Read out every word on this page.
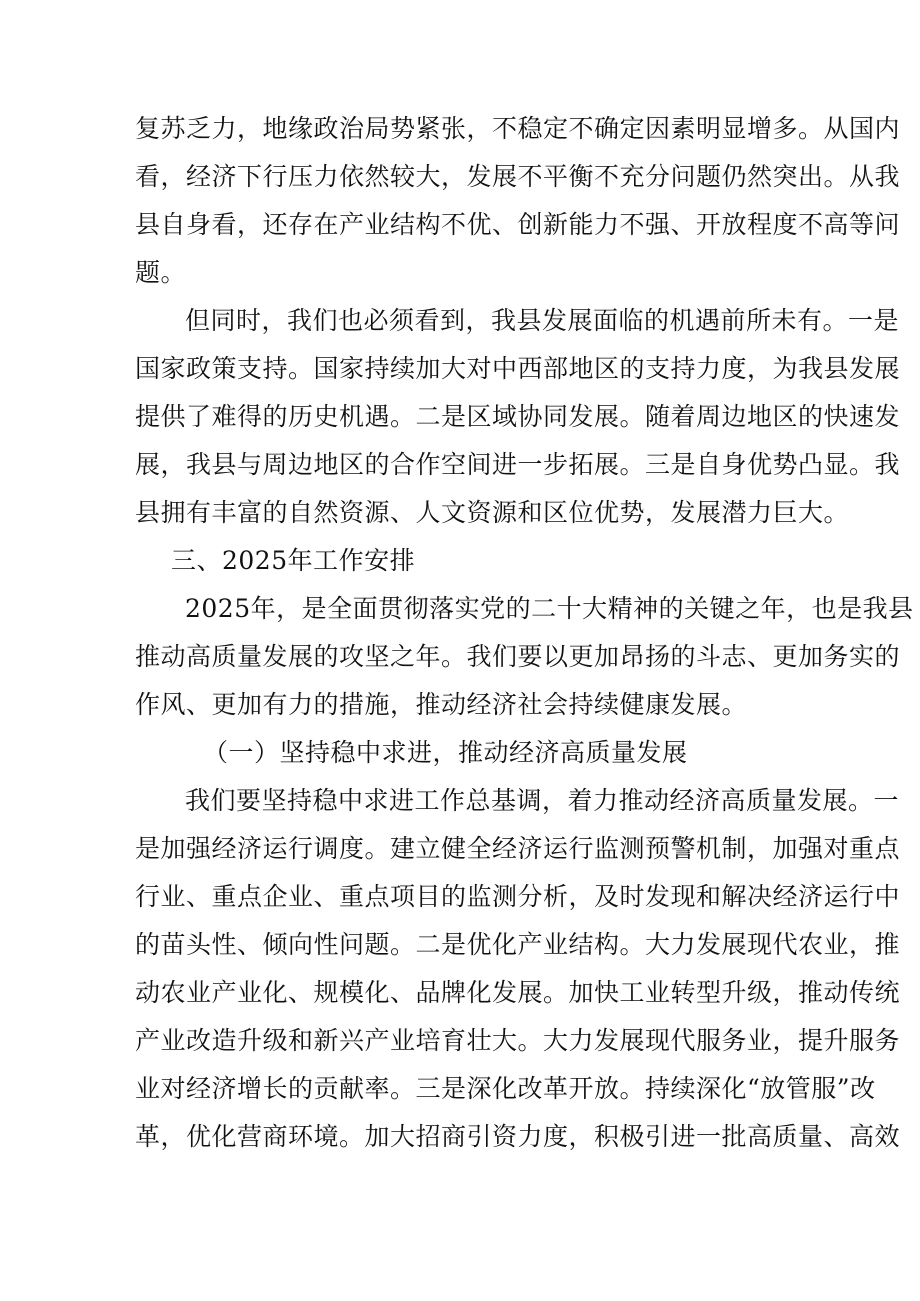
复苏乏力，地缘政治局势紧张，不稳定不确定因素明显增多。从国内
看，经济下行压力依然较大，发展不平衡不充分问题仍然突出。从我
县自身看，还存在产业结构不优、创新能力不强、开放程度不高等问
题。
但同时，我们也必须看到，我县发展面临的机遇前所未有。一是
国家政策支持。国家持续加大对中西部地区的支持力度，为我县发展
提供了难得的历史机遇。二是区域协同发展。随着周边地区的快速发
展，我县与周边地区的合作空间进一步拓展。三是自身优势凸显。我
县拥有丰富的自然资源、人文资源和区位优势，发展潜力巨大。
三、2025年工作安排
2025年，是全面贯彻落实党的二十大精神的关键之年，也是我县
推动高质量发展的攻坚之年。我们要以更加昂扬的斗志、更加务实的
作风、更加有力的措施，推动经济社会持续健康发展。
（一）坚持稳中求进，推动经济高质量发展
我们要坚持稳中求进工作总基调，着力推动经济高质量发展。一
是加强经济运行调度。建立健全经济运行监测预警机制，加强对重点
行业、重点企业、重点项目的监测分析，及时发现和解决经济运行中
的苗头性、倾向性问题。二是优化产业结构。大力发展现代农业，推
动农业产业化、规模化、品牌化发展。加快工业转型升级，推动传统
产业改造升级和新兴产业培育壮大。大力发展现代服务业，提升服务
业对经济增长的贡献率。三是深化改革开放。持续深化“放管服”改
革，优化营商环境。加大招商引资力度，积极引进一批高质量、高效
